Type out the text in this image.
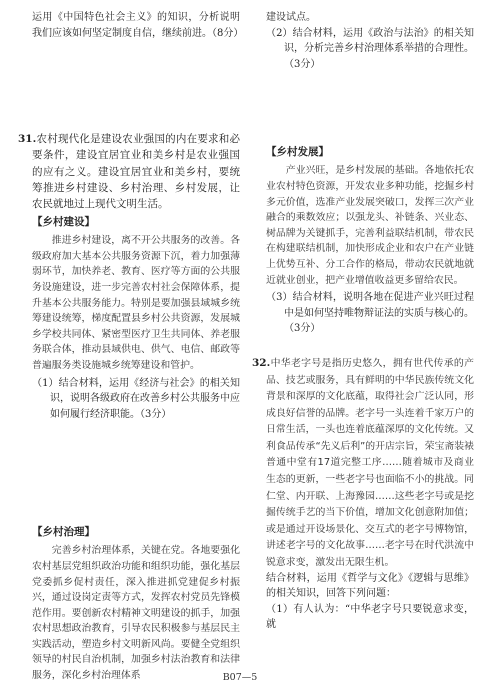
运用《中国特色社会主义》的知识，分析说明我们应该如何坚定制度自信，继续前进。（8分）

31.农村现代化是建设农业强国的内在要求和必要条件，建设宜居宜业和美乡村是农业强国的应有之义。建设宜居宜业和美乡村，要统筹推进乡村建设、乡村治理、乡村发展，让农民就地过上现代文明生活。

【乡村建设】

推进乡村建设，离不开公共服务的改善。各级政府加大基本公共服务资源下沉，着力加强薄弱环节，加快养老、教育、医疗等方面的公共服务设施建设，进一步完善农村社会保障体系，提升基本公共服务能力。特别是要加强县域城乡统筹建设统筹，梯度配置县乡村公共资源，发展城乡学校共同体、紧密型医疗卫生共同体、养老服务联合体，推动县域供电、供气、电信、邮政等普遍服务类设施城乡统筹建设和管护。

（1）结合材料，运用《经济与社会》的相关知识，说明各级政府在改善乡村公共服务中应如何履行经济职能。（3分）

【乡村治理】

完善乡村治理体系，关键在党。各地要强化农村基层党组织政治功能和组织功能，强化基层党委抓乡促村责任，深入推进抓党建促乡村振兴，通过设岗定责等方式，发挥农村党员先锋模范作用。要创新农村精神文明建设的抓手，加强农村思想政治教育，引导农民积极参与基层民主实践活动，塑造乡村文明新风尚。要健全党组织领导的村民自治机制，加强乡村法治教育和法律服务，深化乡村治理体系

建设试点。

（2）结合材料，运用《政治与法治》的相关知识，分析完善乡村治理体系举措的合理性。（3分）

【乡村发展】

产业兴旺，是乡村发展的基础。各地依托农业农村特色资源，开发农业多种功能，挖掘乡村多元价值，选准产业发展突破口，发挥三次产业融合的乘数效应；以强龙头、补链条、兴业态、树品牌为关键抓手，完善利益联结机制，带农民在构建联结机制，加快形成企业和农户在产业链上优势互补、分工合作的格局，带动农民就地就近就业创业，把产业增值收益更多留给农民。

（3）结合材料，说明各地在促进产业兴旺过程中是如何坚持唯物辩证法的实质与核心的。（3分）

32.中华老字号是指历史悠久，拥有世代传承的产品、技艺或服务，具有鲜明的中华民族传统文化背景和深厚的文化底蕴，取得社会广泛认同，形成良好信誉的品牌。老字号一头连着千家万户的日常生活，一头也连着底蕴深厚的文化传统。又利食品传承“先义后利”的开店宗旨，荣宝斋装裱普通中堂有17道完整工序……随着城市及商业生态的更新，一些老字号也面临不小的挑战。同仁堂、内开联、上海豫园……这些老字号或是挖掘传统手艺的当下价值，增加文化创意附加值；或是通过开设场景化、交互式的老字号博物馆，讲述老字号的文化故事……老字号在时代洪流中锐意求变，激发出无限生机。

结合材料，运用《哲学与文化》《逻辑与思维》的相关知识，回答下列问题：

（1）有人认为：“中华老字号只要锐意求变，就

B07—5
